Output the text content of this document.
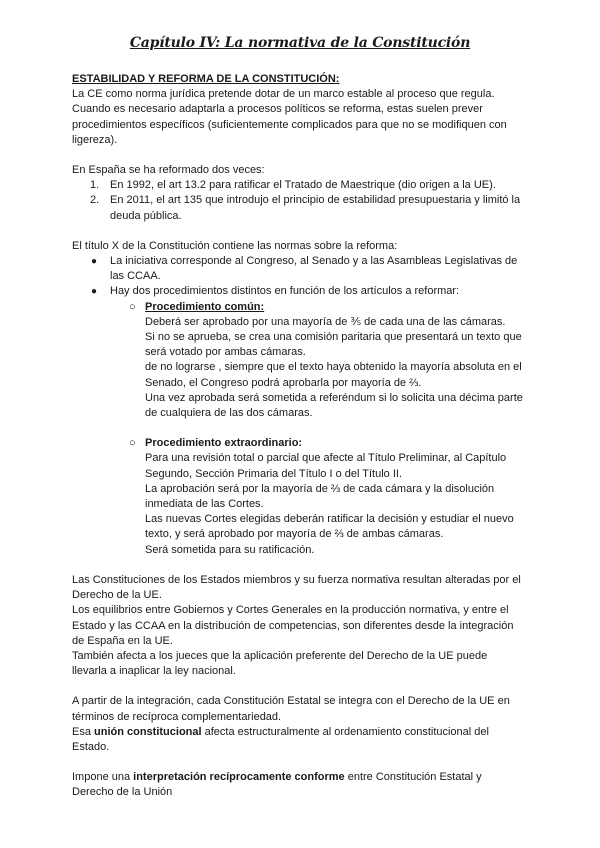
Capítulo IV: La normativa de la Constitución
ESTABILIDAD Y REFORMA DE LA CONSTITUCIÓN:

La CE como norma jurídica pretende dotar de un marco estable al proceso que regula.

Cuando es necesario adaptarla a procesos políticos se reforma, estas suelen prever

procedimientos específicos (suficientemente complicados para que no se modifiquen con

ligereza).

En España se ha reformado dos veces:

1. En 1992, el art 13.2 para ratificar el Tratado de Maestrique (dio origen a la UE).

2. En 2011, el art 135 que introdujo el principio de estabilidad presupuestaria y limitó la

deuda pública.

El título X de la Constitución contiene las normas sobre la reforma:

● La iniciativa corresponde al Congreso, al Senado y a las Asambleas Legislativas de

las CCAA.

● Hay dos procedimientos distintos en función de los artículos a reformar:

○ Procedimiento común:

Deberá ser aprobado por una mayoría de ⅗ de cada una de las cámaras.

Si no se aprueba, se crea una comisión paritaria que presentará un texto que

será votado por ambas cámaras.

de no lograrse , siempre que el texto haya obtenido la mayoría absoluta en el

Senado, el Congreso podrá aprobarla por mayoría de ⅔.

Una vez aprobada será sometida a referéndum si lo solicita una décima parte

de cualquiera de las dos cámaras.

○ Procedimiento extraordinario:

Para una revisión total o parcial que afecte al Título Preliminar, al Capítulo

Segundo, Sección Primaria del Título I o del Título II.

La aprobación será por la mayoría de ⅔ de cada cámara y la disolución

inmediata de las Cortes.

Las nuevas Cortes elegidas deberán ratificar la decisión y estudiar el nuevo

texto, y será aprobado por mayoría de ⅔ de ambas cámaras.

Será sometida para su ratificación.

Las Constituciones de los Estados miembros y su fuerza normativa resultan alteradas por el

Derecho de la UE.

Los equilibrios entre Gobiernos y Cortes Generales en la producción normativa, y entre el

Estado y las CCAA en la distribución de competencias, son diferentes desde la integración

de España en la UE.

También afecta a los jueces que la aplicación preferente del Derecho de la UE puede

llevarla a inaplicar la ley nacional.

A partir de la integración, cada Constitución Estatal se integra con el Derecho de la UE en

términos de recíproca complementariedad.

Esa unión constitucional afecta estructuralmente al ordenamiento constitucional del

Estado.

Impone una interpretación recíprocamente conforme entre Constitución Estatal y

Derecho de la Unión
